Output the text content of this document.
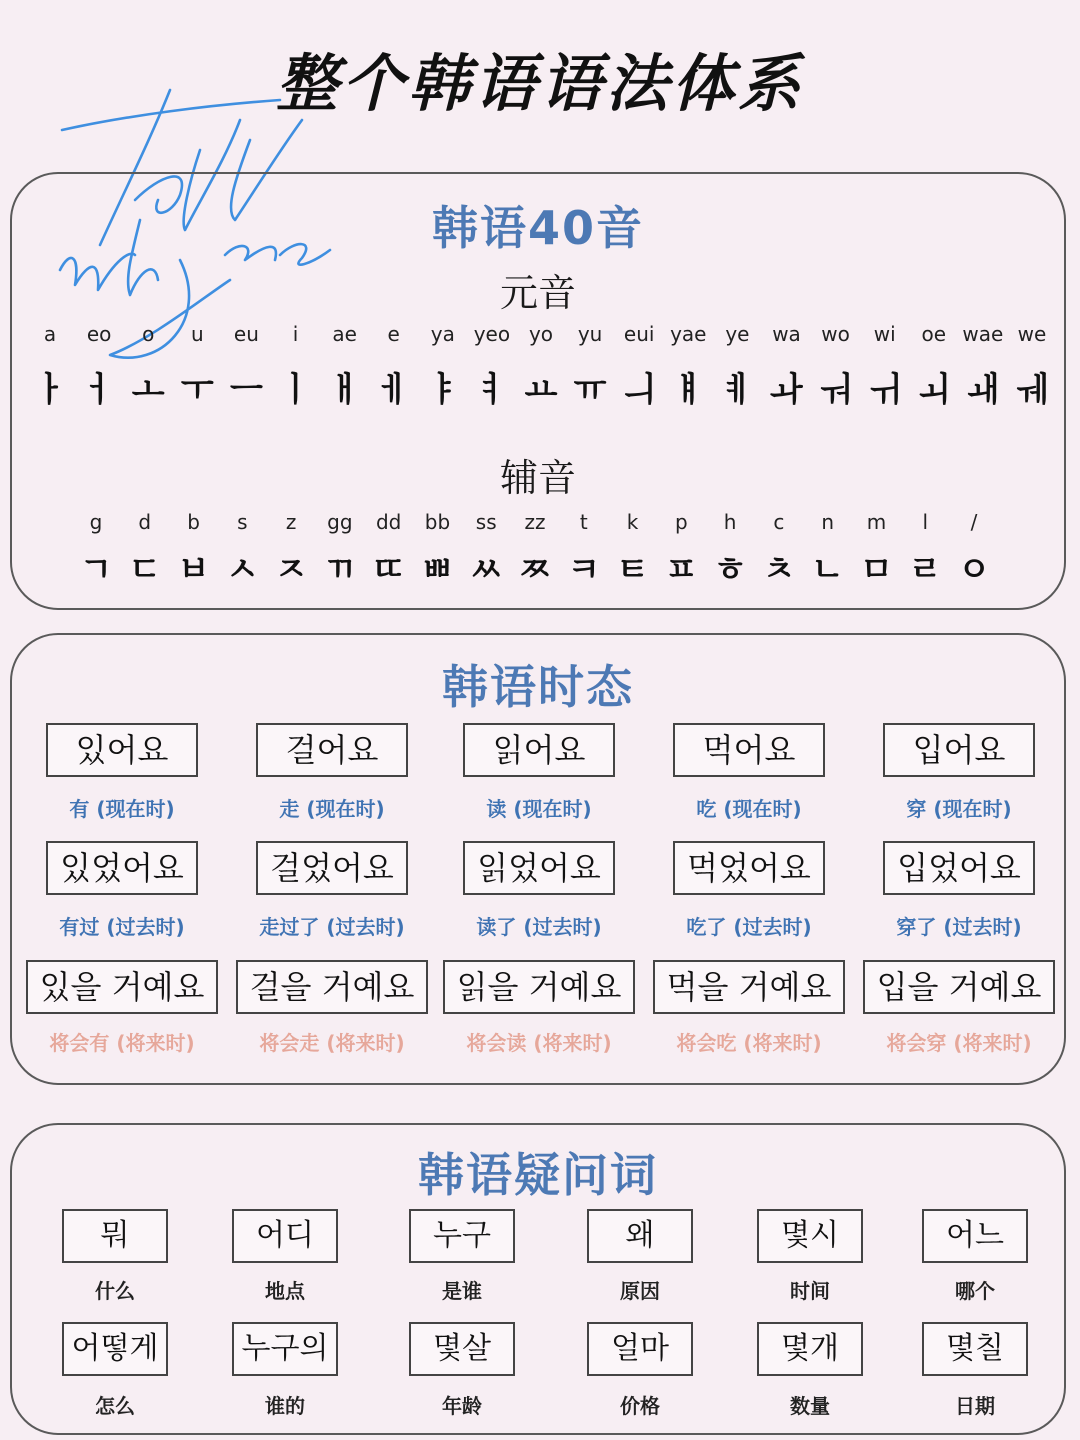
整个韩语语法体系
韩语40音
元音
a eo o u eu i ae e ya yeo yo yu eui yae ye wa wo wi oe wae we
ㅏ ㅓ ㅗ ㅜ ㅡ ㅣ ㅐ ㅔ ㅑ ㅕ ㅛ ㅠ ㅢ ㅒ ㅖ ㅘ ㅝ ㅟ ㅚ ㅙ ㅞ
辅音
g d b s z gg dd bb ss zz t k p h c n m l /
ㄱ ㄷ ㅂ ㅅ ㅈ ㄲ ㄸ ㅃ ㅆ ㅉ ㅋ ㅌ ㅍ ㅎ ㅊ ㄴ ㅁ ㄹ ㅇ
韩语时态
있어요
有 (现在时)
걸어요
走 (现在时)
읽어요
读 (现在时)
먹어요
吃 (现在时)
입어요
穿 (现在时)
있었어요
有过 (过去时)
걸었어요
走过了 (过去时)
읽었어요
读了 (过去时)
먹었어요
吃了 (过去时)
입었어요
穿了 (过去时)
있을 거예요
将会有 (将来时)
걸을 거예요
将会走 (将来时)
읽을 거예요
将会读 (将来时)
먹을 거예요
将会吃 (将来时)
입을 거예요
将会穿 (将来时)
韩语疑问词
뭐
什么
어디
地点
누구
是谁
왜
原因
몇시
时间
어느
哪个
어떻게
怎么
누구의
谁的
몇살
年龄
얼마
价格
몇개
数量
몇칠
日期
